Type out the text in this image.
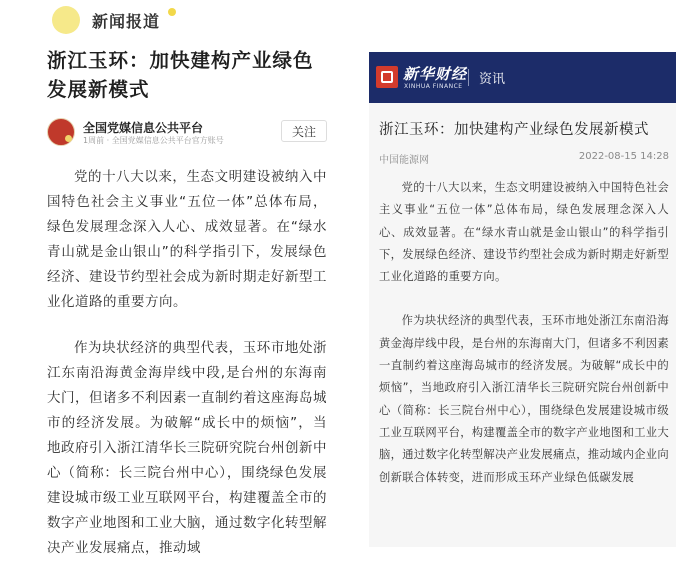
新闻报道
浙江玉环：加快建构产业绿色发展新模式
全国党媒信息公共平台
1周前 · 全国党媒信息公共平台官方账号
关注

党的十八大以来，生态文明建设被纳入中国特色社会主义事业“五位一体”总体布局，绿色发展理念深入人心、成效显著。在“绿水青山就是金山银山”的科学指引下，发展绿色经济、建设节约型社会成为新时期走好新型工业化道路的重要方向。

作为块状经济的典型代表，玉环市地处浙江东南沿海黄金海岸线中段,是台州的东海南大门，但诸多不利因素一直制约着这座海岛城市的经济发展。为破解“成长中的烦恼”，当地政府引入浙江清华长三院研究院台州创新中心（简称：长三院台州中心），围绕绿色发展建设城市级工业互联网平台，构建覆盖全市的数字产业地图和工业大脑，通过数字化转型解决产业发展痛点，推动域

新华财经
XINHUA FINANCE 资讯
浙江玉环：加快建构产业绿色发展新模式
中国能源网	2022-08-15 14:28

党的十八大以来，生态文明建设被纳入中国特色社会主义事业“五位一体”总体布局，绿色发展理念深入人心、成效显著。在“绿水青山就是金山银山”的科学指引下，发展绿色经济、建设节约型社会成为新时期走好新型工业化道路的重要方向。

作为块状经济的典型代表，玉环市地处浙江东南沿海黄金海岸线中段，是台州的东海南大门，但诸多不利因素一直制约着这座海岛城市的经济发展。为破解“成长中的烦恼”，当地政府引入浙江清华长三院研究院台州创新中心（简称：长三院台州中心），围绕绿色发展建设城市级工业互联网平台，构建覆盖全市的数字产业地图和工业大脑，通过数字化转型解决产业发展痛点，推动域内企业向创新联合体转变，进而形成玉环产业绿色低碳发展
